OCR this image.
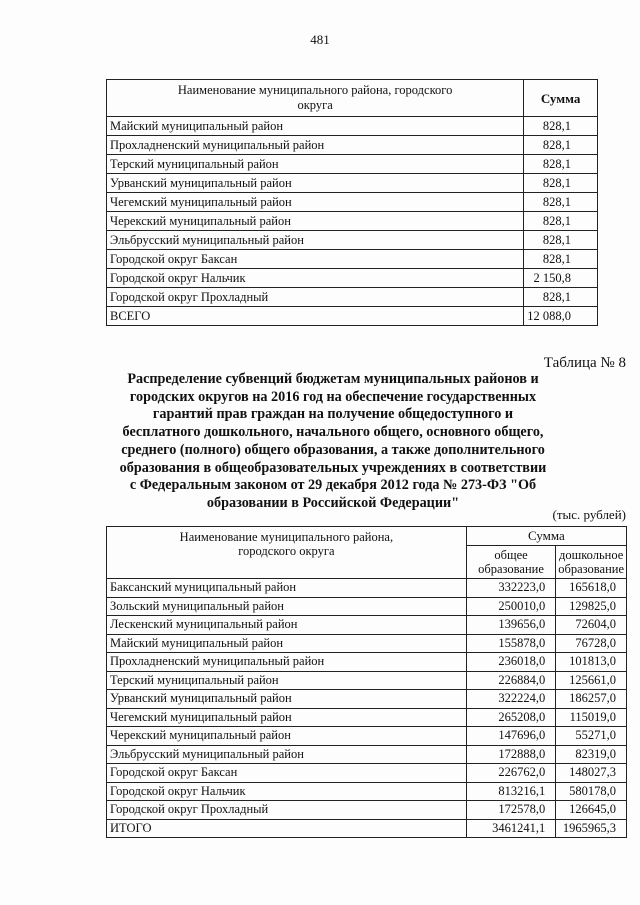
481
Наименование муниципального района, городского округа	Сумма
Майский муниципальный район	828,1
Прохладненский муниципальный район	828,1
Терский муниципальный район	828,1
Урванский муниципальный район	828,1
Чегемский муниципальный район	828,1
Черекский муниципальный район	828,1
Эльбрусский муниципальный район	828,1
Городской округ Баксан	828,1
Городской округ Нальчик	2 150,8
Городской округ Прохладный	828,1
ВСЕГО	12 088,0
Таблица № 8
Распределение субвенций бюджетам муниципальных районов и городских округов на 2016 год на обеспечение государственных гарантий прав граждан на получение общедоступного и бесплатного дошкольного, начального общего, основного общего, среднего (полного) общего образования, а также дополнительного образования в общеобразовательных учреждениях в соответствии с Федеральным законом от 29 декабря 2012 года № 273-ФЗ "Об образовании в Российской Федерации"
(тыс. рублей)
Наименование муниципального района, городского округа	Сумма	
	общее образование	дошкольное образование
Баксанский муниципальный район	332223,0	165618,0
Зольский муниципальный район	250010,0	129825,0
Лескенский муниципальный район	139656,0	72604,0
Майский муниципальный район	155878,0	76728,0
Прохладненский муниципальный район	236018,0	101813,0
Терский муниципальный район	226884,0	125661,0
Урванский муниципальный район	322224,0	186257,0
Чегемский муниципальный район	265208,0	115019,0
Черекский муниципальный район	147696,0	55271,0
Эльбрусский муниципальный район	172888,0	82319,0
Городской округ Баксан	226762,0	148027,3
Городской округ Нальчик	813216,1	580178,0
Городской округ Прохладный	172578,0	126645,0
ИТОГО	3461241,1	1965965,3
